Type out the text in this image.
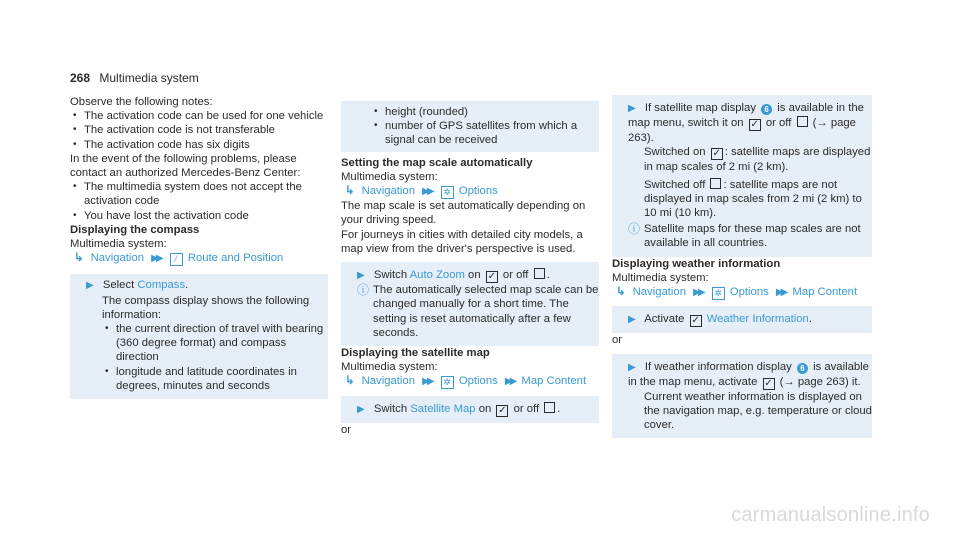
268 Multimedia system

Observe the following notes:

• The activation code can be used for one vehicle
• The activation code is not transferable
• The activation code has six digits

In the event of the following problems, please contact an authorized Mercedes-Benz Center:

• The multimedia system does not accept the activation code
• You have lost the activation code

Displaying the compass

Multimedia system:

↳ Navigation ▶▶ ⁄ Route and Position

▶ Select Compass.

The compass display shows the following information:

• the current direction of travel with bearing (360 degree format) and compass direction
• longitude and latitude coordinates in degrees, minutes and seconds
• height (rounded)
• number of GPS satellites from which a signal can be received

Setting the map scale automatically

Multimedia system:

↳ Navigation ▶▶ ✲ Options

The map scale is set automatically depending on your driving speed.

For journeys in cities with detailed city models, a map view from the driver's perspective is used.

▶ Switch Auto Zoom on ✓ or off .

ⓘ The automatically selected map scale can be changed manually for a short time. The setting is reset automatically after a few seconds.

Displaying the satellite map

Multimedia system:

↳ Navigation ▶▶ ✲ Options ▶▶ Map Content

▶ Switch Satellite Map on ✓ or off .

or

▶ If satellite map display 6 is available in the map menu, switch it on ✓ or off (→ page 263).

Switched on ✓ : satellite maps are displayed in map scales of 2 mi (2 km).

Switched off : satellite maps are not displayed in map scales from 2 mi (2 km) to 10 mi (10 km).

ⓘ Satellite maps for these map scales are not available in all countries.

Displaying weather information

Multimedia system:

↳ Navigation ▶▶ ✲ Options ▶▶ Map Content

▶ Activate ✓ Weather Information.

or

▶ If weather information display 6 is available in the map menu, activate ✓ (→ page 263) it.

Current weather information is displayed on the navigation map, e.g. temperature or cloud cover.

carmanualsonline.info
